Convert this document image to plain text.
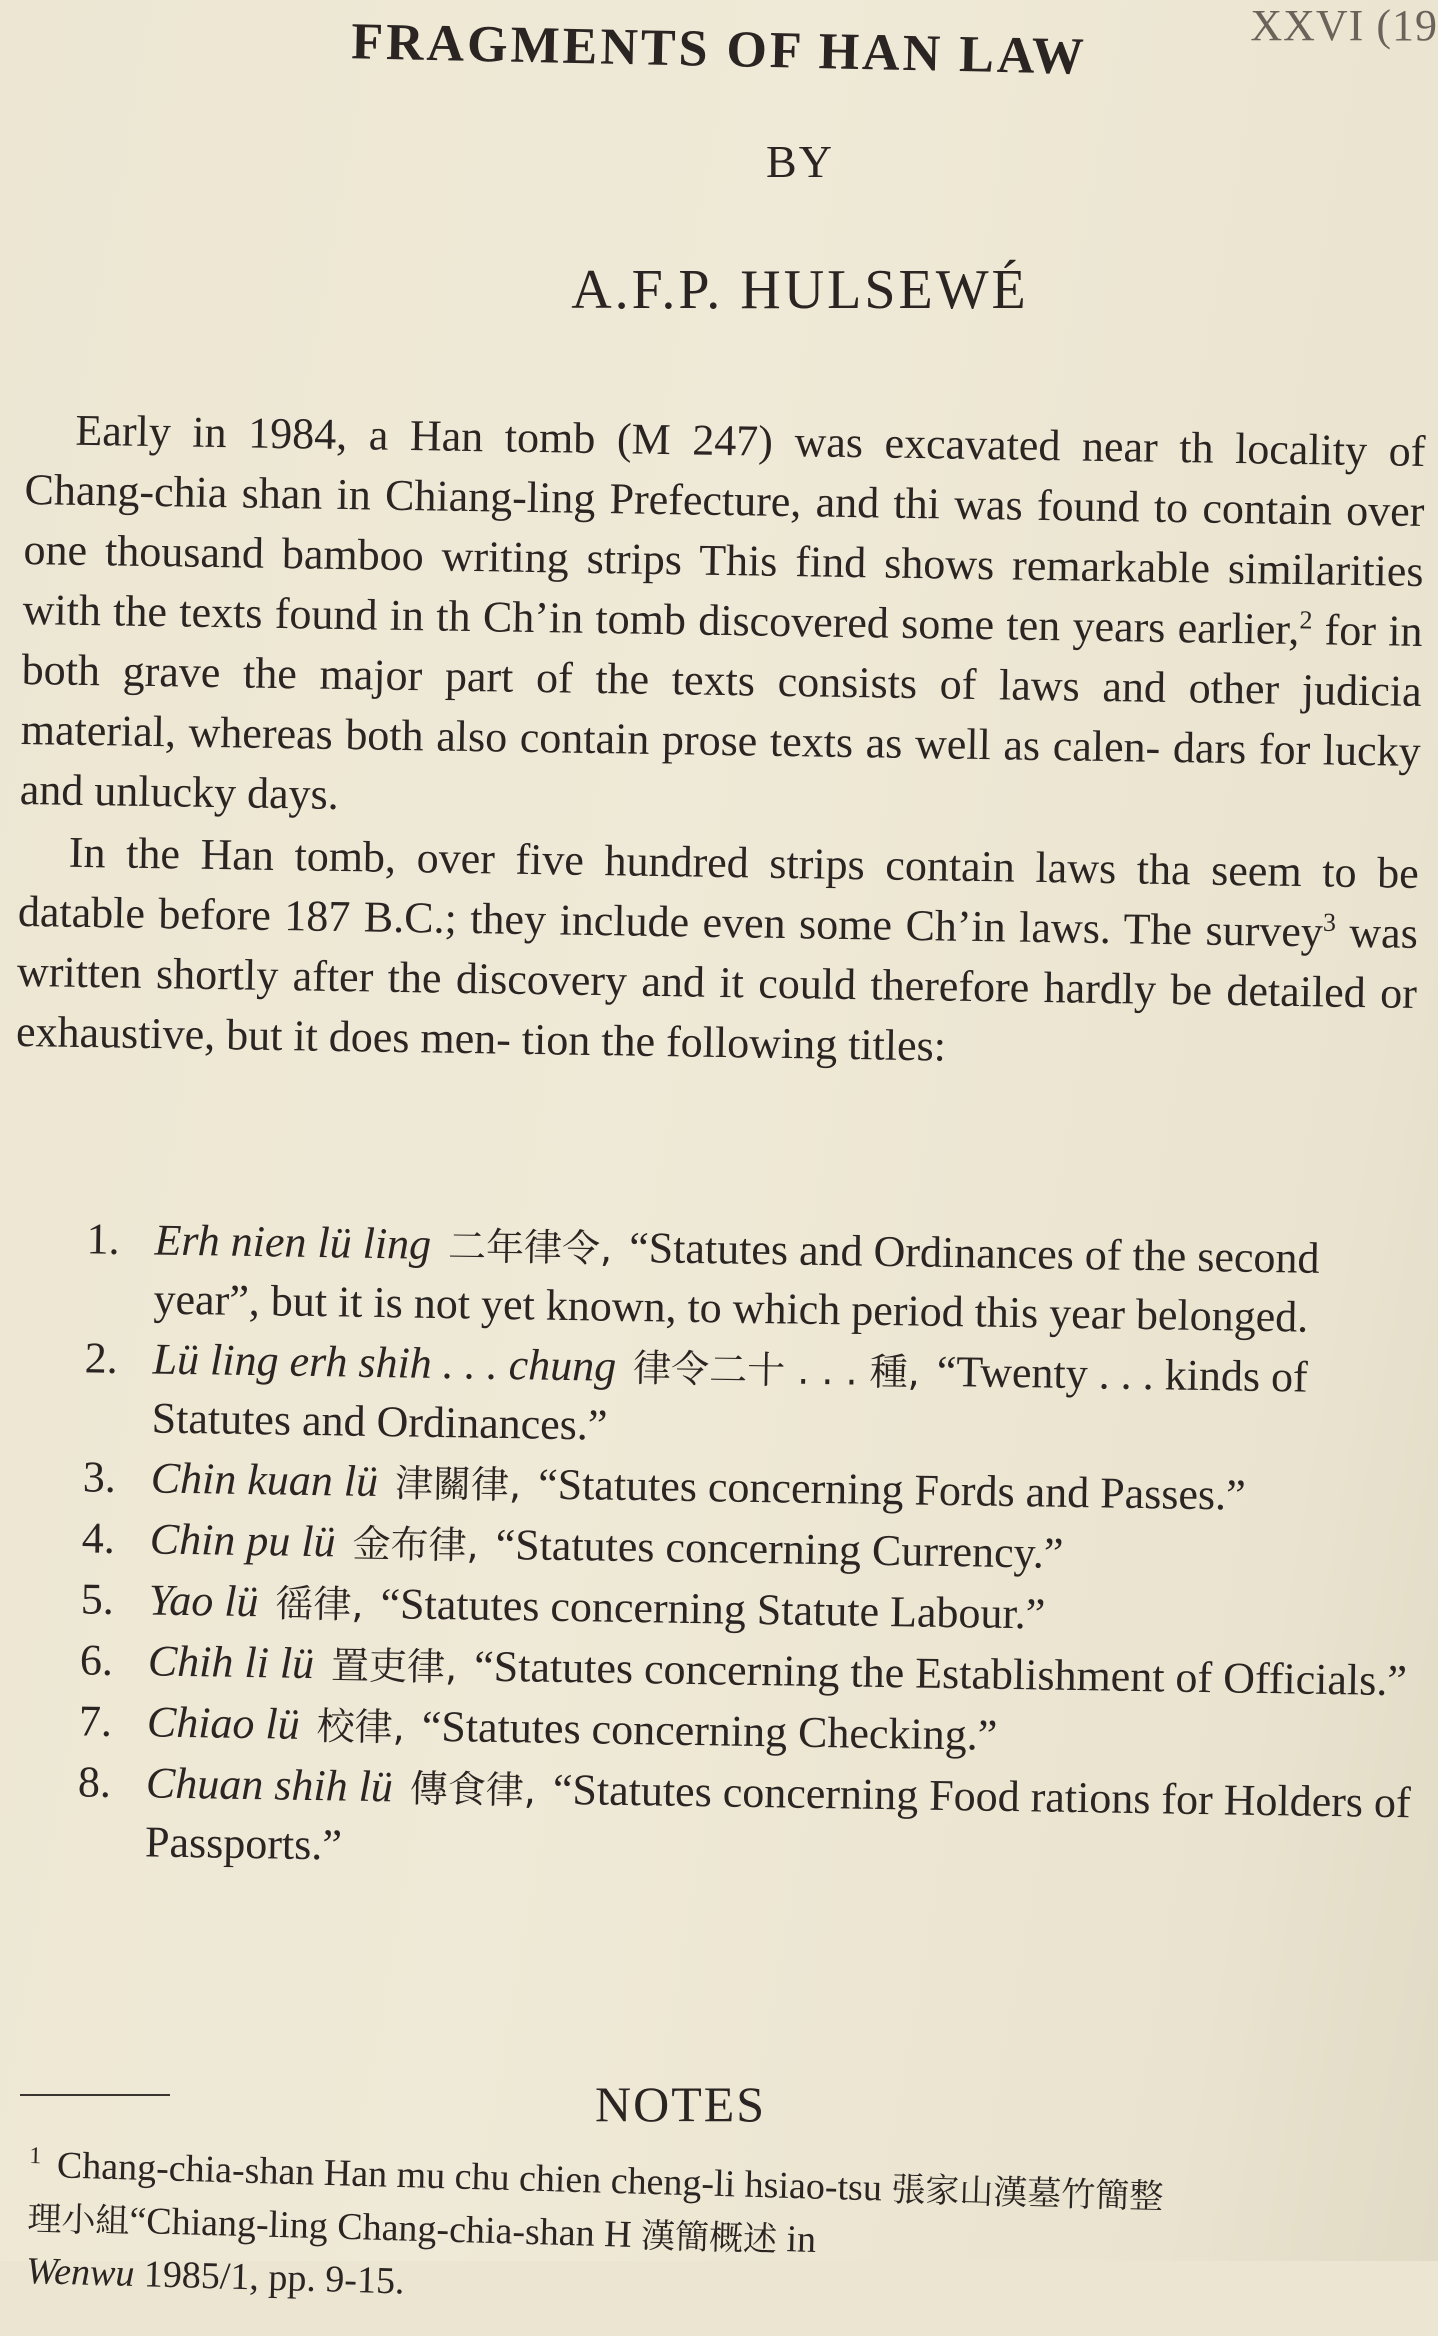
XXVI (19
FRAGMENTS OF HAN LAW
BY
A.F.P. HULSEWÉ

Early in 1984, a Han tomb (M 247) was excavated near th locality of Chang-chia shan in Chiang-ling Prefecture, and thi was found to contain over one thousand bamboo writing strips This find shows remarkable similarities with the texts found in th Ch’in tomb discovered some ten years earlier,$^2$ for in both grave the major part of the texts consists of laws and other judicia material, whereas both also contain prose texts as well as calen- dars for lucky and unlucky days.

In the Han tomb, over five hundred strips contain laws tha seem to be datable before 187 B.C.; they include even some Ch’in laws. The survey$^3$ was written shortly after the discovery and it could therefore hardly be detailed or exhaustive, but it does men- tion the following titles:

1. Erh nien lü ling 二年律令, “Statutes and Ordinances of the second year”, but it is not yet known, to which period this year belonged.
2. Lü ling erh shih . . . chung 律令二十 . . . 種, “Twenty . . . kinds of Statutes and Ordinances.”
3. Chin kuan lü 津關律, “Statutes concerning Fords and Passes.”
4. Chin pu lü 金布律, “Statutes concerning Currency.”
5. Yao lü 徭律, “Statutes concerning Statute Labour.”
6. Chih li lü 置吏律, “Statutes concerning the Establishment of Officials.”
7. Chiao lü 校律, “Statutes concerning Checking.”
8. Chuan shih lü 傳食律, “Statutes concerning Food rations for Holders of Passports.”
NOTES
$^1$ Chang-chia-shan Han mu chu chien cheng-li hsiao-tsu 張家山漢墓竹簡整
理小組“Chiang-ling Chang-chia-shan H 漢簡概述 in
Wenwu 1985/1, pp. 9-15.
